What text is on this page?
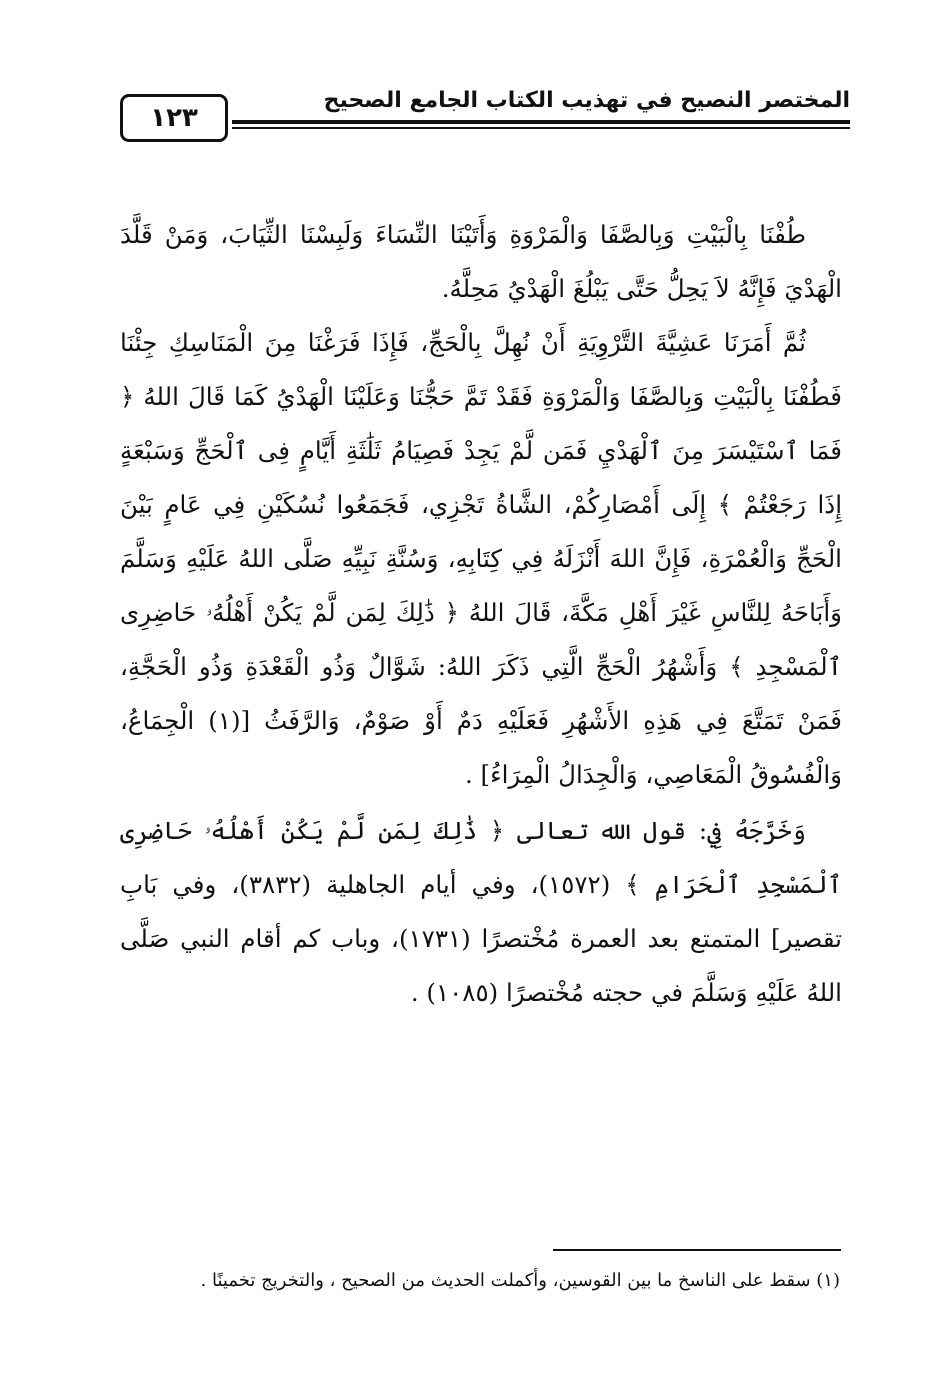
١٢٣
المختصر النصيح في تهذيب الكتاب الجامع الصحيح

طُفْنَا بِالْبَيْتِ وَبِالصَّفَا وَالْمَرْوَةِ وَأَتَيْنَا النِّسَاءَ وَلَبِسْنَا الثِّيَابَ، وَمَنْ قَلَّدَ الْهَدْيَ فَإِنَّهُ لاَ يَحِلُّ حَتَّى يَبْلُغَ الْهَدْيُ مَحِلَّهُ.

ثُمَّ أَمَرَنَا عَشِيَّةَ التَّرْوِيَةِ أَنْ نُهِلَّ بِالْحَجِّ، فَإِذَا فَرَغْنَا مِنَ الْمَنَاسِكِ جِئْنَا فَطُفْنَا بِالْبَيْتِ وَبِالصَّفَا وَالْمَرْوَةِ فَقَدْ تَمَّ حَجُّنَا وَعَلَيْنَا الْهَدْيُ كَمَا قَالَ اللهُ ﴿ فَمَا ٱسْتَيْسَرَ مِنَ ٱلْهَدْيِ فَمَن لَّمْ يَجِدْ فَصِيَامُ ثَلَٰثَةِ أَيَّامٍ فِى ٱلْحَجِّ وَسَبْعَةٍ إِذَا رَجَعْتُمْ ﴾ إِلَى أَمْصَارِكُمْ، الشَّاةُ تَجْزِي، فَجَمَعُوا نُسُكَيْنِ فِي عَامٍ بَيْنَ الْحَجِّ وَالْعُمْرَةِ، فَإِنَّ اللهَ أَنْزَلَهُ فِي كِتَابِهِ، وَسُنَّةِ نَبِيِّهِ صَلَّى اللهُ عَلَيْهِ وَسَلَّمَ وَأَبَاحَهُ لِلنَّاسِ غَيْرَ أَهْلِ مَكَّةَ، قَالَ اللهُ ﴿ ذَٰلِكَ لِمَن لَّمْ يَكُنْ أَهْلُهُۥ حَاضِرِى ٱلْمَسْجِدِ ﴾ وَأَشْهُرُ الْحَجِّ الَّتِي ذَكَرَ اللهُ: شَوَّالٌ وَذُو الْقَعْدَةِ وَذُو الْحَجَّةِ، فَمَنْ تَمَتَّعَ فِي هَذِهِ الأَشْهُرِ فَعَلَيْهِ دَمٌ أَوْ صَوْمٌ، وَالرَّفَثُ [(١) الْجِمَاعُ، وَالْفُسُوقُ الْمَعَاصِي، وَالْجِدَالُ الْمِرَاءُ] .

وَخَرَّجَهُ فِي: قول الله تعالى ﴿ ذَٰلِكَ لِمَن لَّمْ يَكُنْ أَهْلُهُۥ حَاضِرِى ٱلْمَسْجِدِ ٱلْحَرَامِ ﴾ (١٥٧٢)، وفي أيام الجاهلية (٣٨٣٢)، وفي بَابِ تقصير] المتمتع بعد العمرة مُخْتصرًا (١٧٣١)، وباب كم أقام النبي صَلَّى اللهُ عَلَيْهِ وَسَلَّمَ في حجته مُخْتصرًا (١٠٨٥) .

(١) سقط على الناسخ ما بين القوسين، وأكملت الحديث من الصحيح ، والتخريج تخمينًا .
